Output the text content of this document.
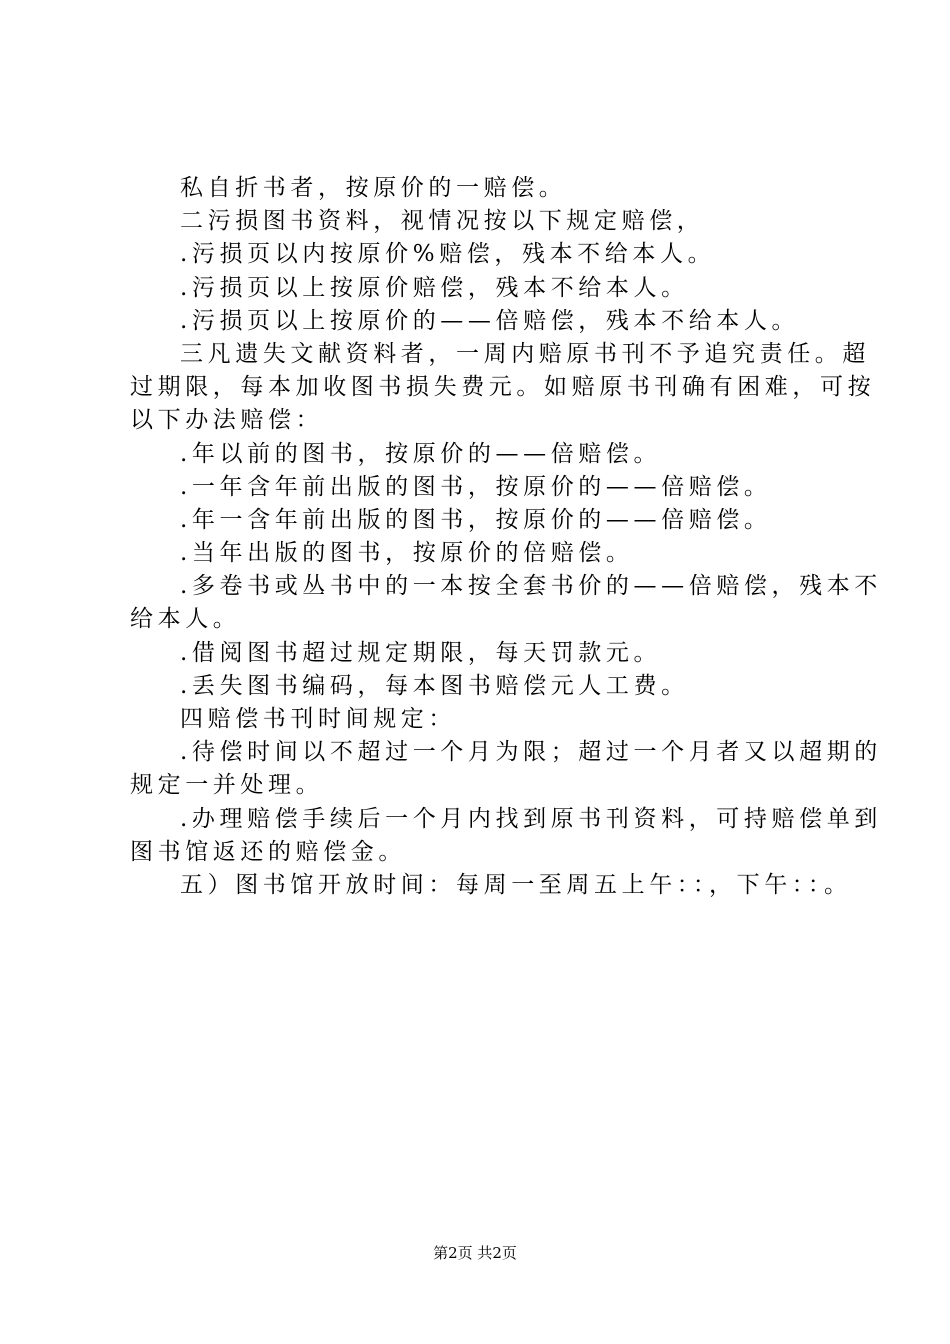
私自折书者，按原价的一赔偿。
二污损图书资料，视情况按以下规定赔偿，
.污损页以内按原价%赔偿，残本不给本人。
.污损页以上按原价赔偿，残本不给本人。
.污损页以上按原价的——倍赔偿，残本不给本人。
三凡遗失文献资料者，一周内赔原书刊不予追究责任。超
过期限，每本加收图书损失费元。如赔原书刊确有困难，可按
以下办法赔偿：
.年以前的图书，按原价的——倍赔偿。
.一年含年前出版的图书，按原价的——倍赔偿。
.年一含年前出版的图书，按原价的——倍赔偿。
.当年出版的图书，按原价的倍赔偿。
.多卷书或丛书中的一本按全套书价的——倍赔偿，残本不
给本人。
.借阅图书超过规定期限，每天罚款元。
.丢失图书编码，每本图书赔偿元人工费。
四赔偿书刊时间规定：
.待偿时间以不超过一个月为限；超过一个月者又以超期的
规定一并处理。
.办理赔偿手续后一个月内找到原书刊资料，可持赔偿单到
图书馆返还的赔偿金。
五）图书馆开放时间：每周一至周五上午：：，下午：：。
第2页 共2页
